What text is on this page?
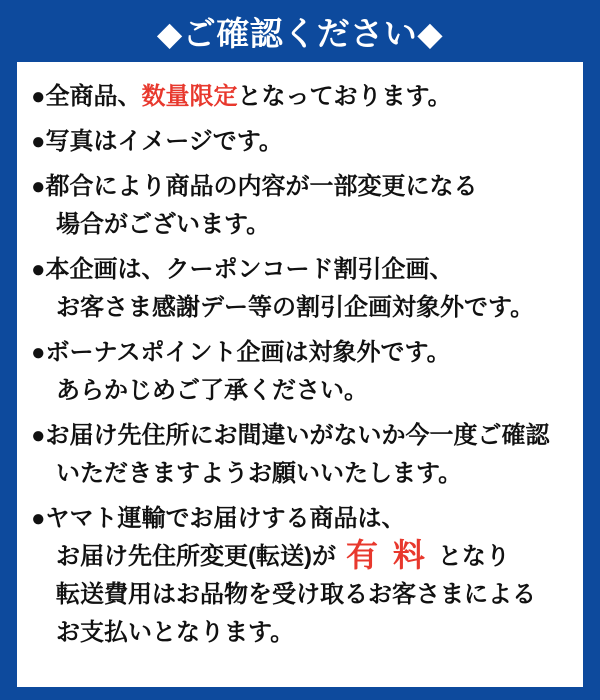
◆ご確認ください◆

●全商品、数量限定となっております。

●写真はイメージです。

●都合により商品の内容が一部変更になる
場合がございます。

●本企画は、クーポンコード割引企画、
お客さま感謝デー等の割引企画対象外です。

●ボーナスポイント企画は対象外です。
あらかじめご了承ください。

●お届け先住所にお間違いがないか今一度ご確認
いただきますようお願いいたします。

●ヤマト運輸でお届けする商品は、
お届け先住所変更(転送)が 有 料 となり
転送費用はお品物を受け取るお客さまによる
お支払いとなります。
